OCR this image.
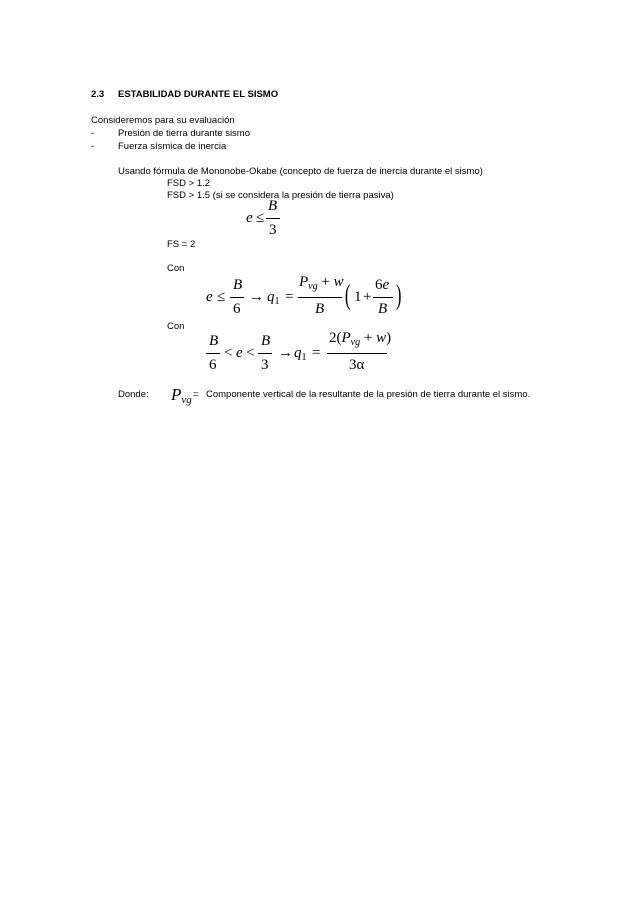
2.3 ESTABILIDAD DURANTE EL SISMO
Consideremos para su evaluación
-	Presión de tierra durante sismo
-	Fuerza sísmica de inercia
Usando fórmula de Mononobe-Okabe (concepto de fuerza de inercia durante el sismo)
FSD > 1.2
FSD > 1.5 (si se considera la presión de tierra pasiva)
e ≤
B
3
FS = 2
Con
e ≤
B
6
→ $q_1$ =
$P_{vg} + w$
B ( 1 +
6e
B )
Con
B
6
< e <
B
3
→ $q_1$ =
$2(P_{vg} + w)$
3α
Donde: $P_{vg}$ = Componente vertical de la resultante de la presión de tierra durante el sismo.
